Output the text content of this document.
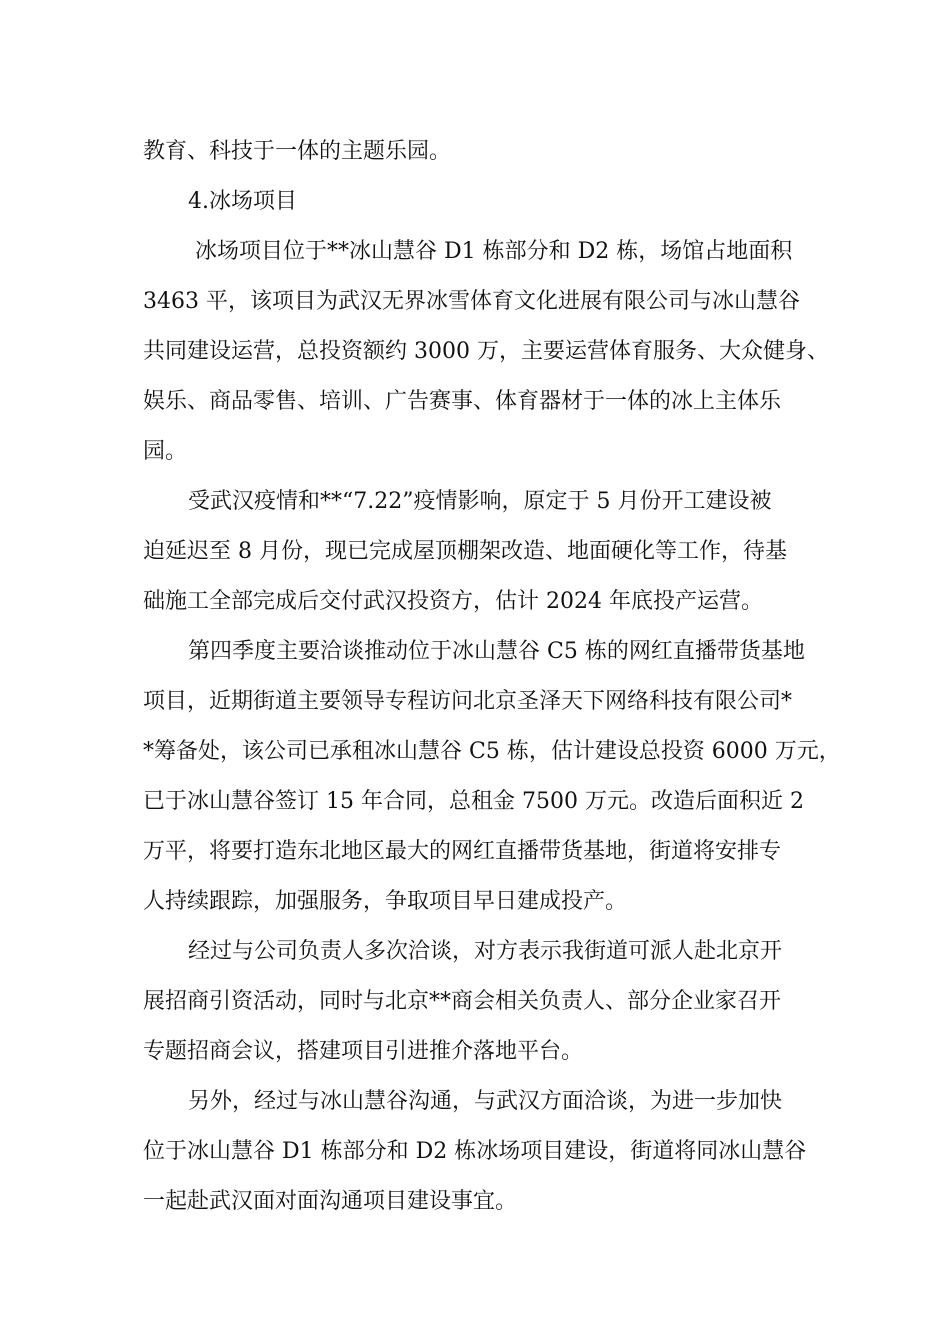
教育、科技于一体的主题乐园。
4.冰场项目
冰场项目位于**冰山慧谷 D1 栋部分和 D2 栋，场馆占地面积
3463 平，该项目为武汉无界冰雪体育文化进展有限公司与冰山慧谷
共同建设运营，总投资额约 3000 万，主要运营体育服务、大众健身、
娱乐、商品零售、培训、广告赛事、体育器材于一体的冰上主体乐
园。
受武汉疫情和**“7.22”疫情影响，原定于 5 月份开工建设被
迫延迟至 8 月份，现已完成屋顶棚架改造、地面硬化等工作，待基
础施工全部完成后交付武汉投资方，估计 2024 年底投产运营。
第四季度主要洽谈推动位于冰山慧谷 C5 栋的网红直播带货基地
项目，近期街道主要领导专程访问北京圣泽天下网络科技有限公司*
*筹备处，该公司已承租冰山慧谷 C5 栋，估计建设总投资 6000 万元，
已于冰山慧谷签订 15 年合同，总租金 7500 万元。改造后面积近 2
万平，将要打造东北地区最大的网红直播带货基地，街道将安排专
人持续跟踪，加强服务，争取项目早日建成投产。
经过与公司负责人多次洽谈，对方表示我街道可派人赴北京开
展招商引资活动，同时与北京**商会相关负责人、部分企业家召开
专题招商会议，搭建项目引进推介落地平台。
另外，经过与冰山慧谷沟通，与武汉方面洽谈，为进一步加快
位于冰山慧谷 D1 栋部分和 D2 栋冰场项目建设，街道将同冰山慧谷
一起赴武汉面对面沟通项目建设事宜。
